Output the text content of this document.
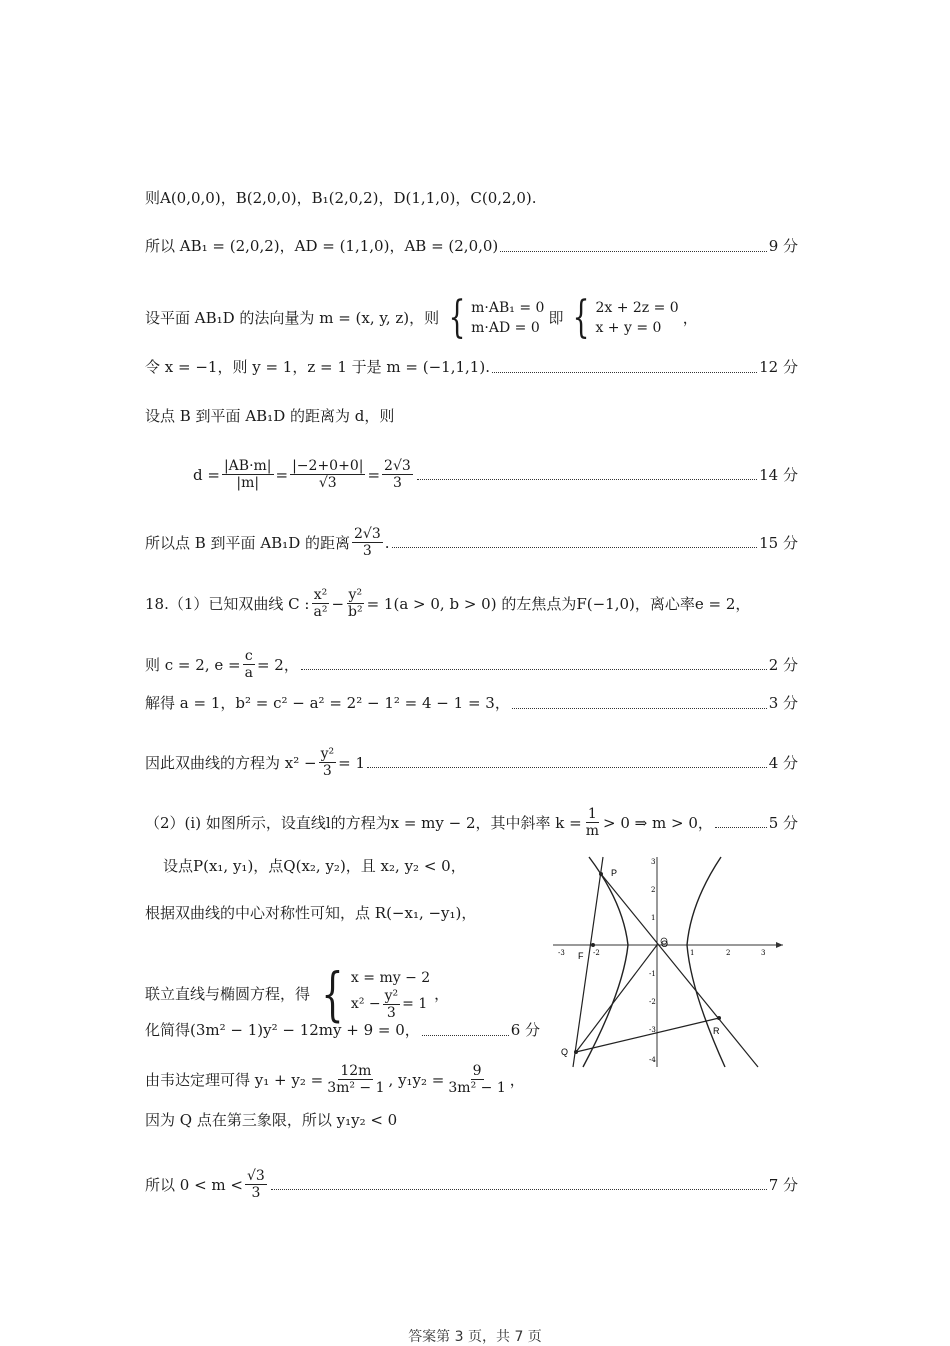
则A(0,0,0)，B(2,0,0)，B₁(2,0,2)，D(1,1,0)，C(0,2,0).
所以 AB₁ = (2,0,2)，AD = (1,1,0)，AB = (2,0,0)	9 分
设平面 AB₁D 的法向量为 m = (x, y, z)，则 { m·AB₁ = 0
m·AD = 0
即 { 2x + 2z = 0
x + y = 0
，
令 x = −1，则 y = 1，z = 1 于是 m = (−1,1,1).	12 分
设点 B 到平面 AB₁D 的距离为 d，则
$d = \frac{|AB\cdot m|}{|m|} = \frac{|-2+0+0|}{√3} = \frac{2√3}{3}$	14 分
所以点 B 到平面 AB₁D 的距离 $\frac{2√3}{3}$ .	15 分
18.（1）已知双曲线 C : $\frac{\text{x²}}{\text{a²}} - \frac{\text{y²}}{\text{b²}} = 1(a > 0$, b > 0) 的左焦点为F(−1,0)，离心率e = 2，
则 c = 2, $e = \frac{c}{a} = 2$，	2 分
解得 a = 1，b² = c² − a² = 2² − 1² = 4 − 1 = 3，	3 分
因此双曲线的方程为 $x^2 - \frac{\text{y²}}{3} = 1$	4 分
（2）(i) 如图所示，设直线l的方程为x = my − 2，其中斜率 $k = \frac{1}{m} > 0$ ⇒ m > 0，	5 分
设点P(x₁, y₁)，点Q(x₂, y₂)，且 x₂, y₂ < 0，
根据双曲线的中心对称性可知，点 R(−x₁, −y₁)，
联立直线与椭圆方程，得 { x = my − 2
$x^2 - \frac{\text{y²}}{3} = 1$
，
化简得(3m² − 1)y² − 12my + 9 = 0，	6 分
由韦达定理可得 $y_1 + y_2 = \frac{12m}{\text{3m² − 1}}$ , $y_1y_2 = \frac{9}{\text{3m² − 1}}$ ，
因为 Q 点在第三象限，所以 y₁y₂ < 0
所以 $0 < m < \frac{√3}{3}$	7 分
-3	-2	1	2	3
3
2
1
-1
-2
-3
-4
P
Q
R
F
O
答案第 3 页，共 7 页
